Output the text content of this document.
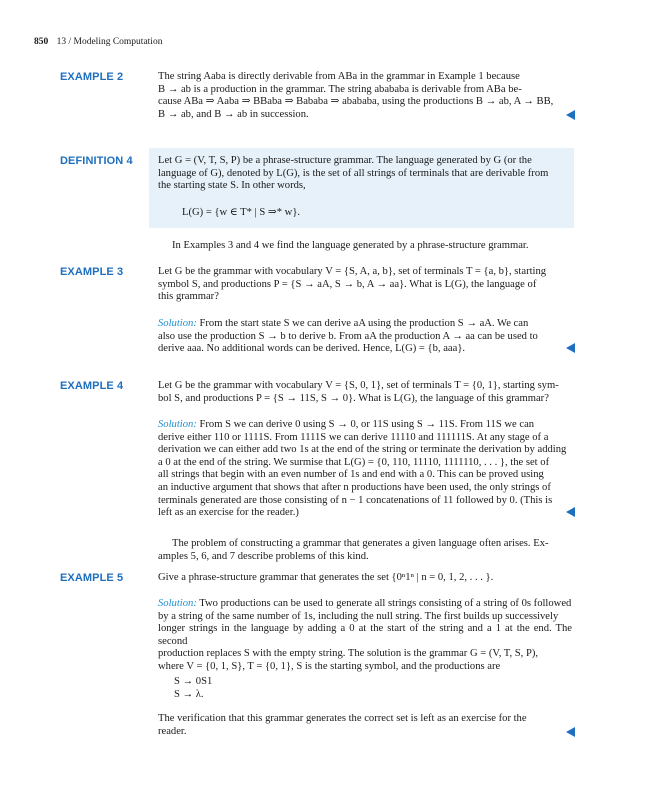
850 13 / Modeling Computation
EXAMPLE 2	The string Aaba is directly derivable from ABa in the grammar in Example 1 because

B → ab is a production in the grammar. The string abababa is derivable from ABa be-

cause ABa ⇒ Aaba ⇒ BBaba ⇒ Bababa ⇒ abababa, using the productions B → ab, A → BB,

B → ab, and B → ab in succession.

DEFINITION 4	Let G = (V, T, S, P) be a phrase-structure grammar. The language generated by G (or the

language of G), denoted by L(G), is the set of all strings of terminals that are derivable from

the starting state S. In other words,

L(G) = {w ∈ T* | S ⇒* w}.
In Examples 3 and 4 we find the language generated by a phrase-structure grammar.
EXAMPLE 3	Let G be the grammar with vocabulary V = {S, A, a, b}, set of terminals T = {a, b}, starting

symbol S, and productions P = {S → aA, S → b, A → aa}. What is L(G), the language of

this grammar?

Solution: From the start state S we can derive aA using the production S → aA. We can

also use the production S → b to derive b. From aA the production A → aa can be used to

derive aaa. No additional words can be derived. Hence, L(G) = {b, aaa}.

EXAMPLE 4	Let G be the grammar with vocabulary V = {S, 0, 1}, set of terminals T = {0, 1}, starting sym-

bol S, and productions P = {S → 11S, S → 0}. What is L(G), the language of this grammar?

Solution: From S we can derive 0 using S → 0, or 11S using S → 11S. From 11S we can

derive either 110 or 1111S. From 1111S we can derive 11110 and 111111S. At any stage of a

derivation we can either add two 1s at the end of the string or terminate the derivation by adding

a 0 at the end of the string. We surmise that L(G) = {0, 110, 11110, 1111110, . . . }, the set of

all strings that begin with an even number of 1s and end with a 0. This can be proved using

an inductive argument that shows that after n productions have been used, the only strings of

terminals generated are those consisting of n − 1 concatenations of 11 followed by 0. (This is

left as an exercise for the reader.)

The problem of constructing a grammar that generates a given language often arises. Ex-

amples 5, 6, and 7 describe problems of this kind.

EXAMPLE 5	Give a phrase-structure grammar that generates the set {0ⁿ1ⁿ | n = 0, 1, 2, . . . }.

Solution: Two productions can be used to generate all strings consisting of a string of 0s followed

by a string of the same number of 1s, including the null string. The first builds up successively

longer strings in the language by adding a 0 at the start of the string and a 1 at the end. The second

production replaces S with the empty string. The solution is the grammar G = (V, T, S, P),

where V = {0, 1, S}, T = {0, 1}, S is the starting symbol, and the productions are

S → 0S1
S → λ.

The verification that this grammar generates the correct set is left as an exercise for the

reader.
